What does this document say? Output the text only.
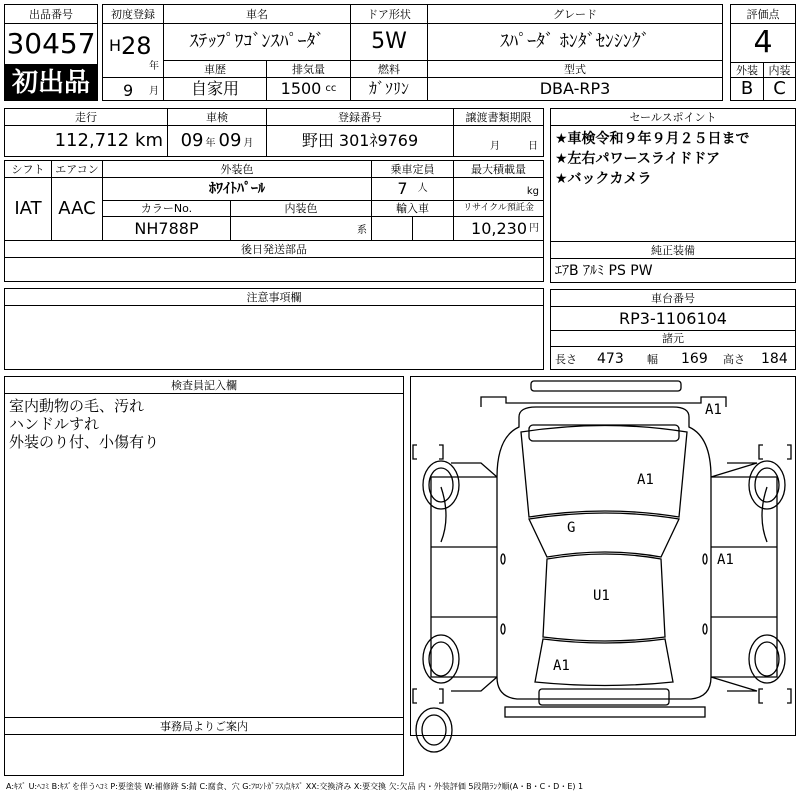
出品番号
30457
初出品
初度登録
H 28
年
9 月
車名
ｽﾃｯﾌﾟﾜｺﾞﾝｽﾊﾟｰﾀﾞ
ドア形状
5W
グレード
ｽﾊﾟｰﾀﾞ ﾎﾝﾀﾞｾﾝｼﾝｸﾞ
評価点
4
外装 内装
B	C
車歴
自家用
排気量
1500 cc
燃料
ｶﾞｿﾘﾝ
型式
DBA-RP3
走行
112,712 km
車検
09 年 09 月
登録番号
野田 301ﾈ9769
譲渡書類期限
月	日
セールスポイント
★車検令和９年９月２５日まで
★左右パワースライドドア
★バックカメラ
シフト
IAT
エアコン
AAC
外装色
ﾎﾜｲﾄﾊﾟｰﾙ
乗車定員
7 人
最大積載量
kg
カラーNo.
NH788P
内装色
系
輸入車	リサイクル預託金
10,230 円
後日発送部品	純正装備
ｴｱB ｱﾙﾐ PS PW
注意事項欄	車台番号
RP3-1106104
諸元
長さ 473 幅 169 高さ 184
検査員記入欄
室内動物の毛、汚れ
ハンドルすれ
外装のり付、小傷有り
事務局よりご案内
A1
A1
G
A1
U1
A1
A:ｷｽﾞ U:ﾍｺﾐ B:ｷｽﾞを伴うﾍｺﾐ P:要塗装 W:補修跡 S:錆 C:腐食、穴 G:ﾌﾛﾝﾄｶﾞﾗｽ点ｷｽﾞ XX:交換済み X:要交換 欠:欠品 内・外装評価 5段階ﾗﾝｸ順(A・B・C・D・E) 1
